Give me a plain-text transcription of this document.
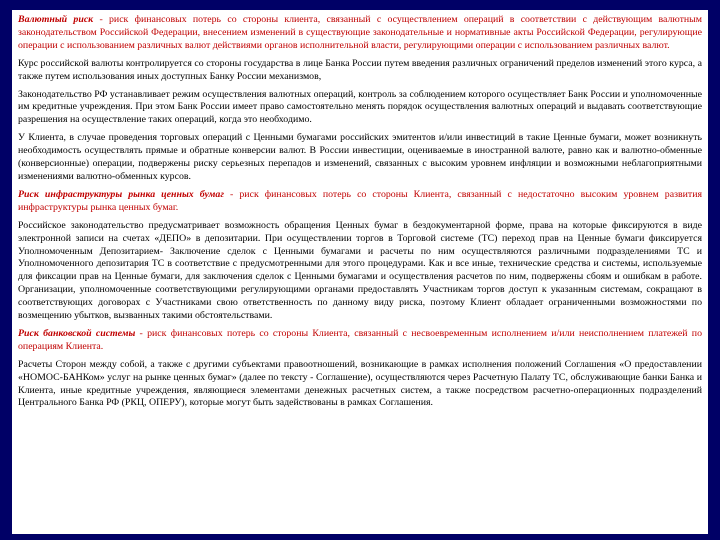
Валютный риск - риск финансовых потерь со стороны клиента, связанный с осуществлением операций в соответствии с действующим валютным законодательством Российской Федерации, внесением изменений в существующие законодательные и нормативные акты Российской Федерации, регулирующие операции с использованием различных валют действиями органов исполнительной власти, регулирующими операции с использованием различных валют.

Курс российской валюты контролируется со стороны государства в лице Банка России путем введения различных ограничений пределов изменений этого курса, а также путем использования иных доступных Банку России механизмов,

Законодательство РФ устанавливает режим осуществления валютных операций, контроль за соблюдением которого осуществляет Банк России и уполномоченные им кредитные учреждения. При этом Банк России имеет право самостоятельно менять порядок осуществления валютных операций и выдавать соответствующие разрешения на осуществление таких операций, когда это необходимо.

У Клиента, в случае проведения торговых операций с Ценными бумагами российских эмитентов и/или инвестиций в такие Ценные бумаги, может возникнуть необходимость осуществлять прямые и обратные конверсии валют. В России инвестиции, оцениваемые в иностранной валюте, равно как и валютно-обменные (конверсионные) операции, подвержены риску серьезных перепадов и изменений, связанных с высоким уровнем инфляции и возможными неблагоприятными изменениями валютно-обменных курсов.

Риск инфраструктуры рынка ценных бумаг - риск финансовых потерь со стороны Клиента, связанный с недостаточно высоким уровнем развития инфраструктуры рынка ценных бумаг.

Российское законодательство предусматривает возможность обращения Ценных бумаг в бездокументарной форме, права на которые фиксируются в виде электронной записи на счетах «ДЕПО» в депозитарии. При осуществлении торгов в Торговой системе (ТС) переход прав на Ценные бумаги фиксируется Уполномоченным Депозитарием- Заключение сделок с Ценными бумагами и расчеты по ним осуществляются различными подразделениями ТС и Уполномоченного депозитария ТС в соответствие с предусмотренными для этого процедурами. Как и все иные, технические средства и системы, используемые для фиксации прав на Ценные бумаги, для заключения сделок с Ценными бумагами и осуществления расчетов по ним, подвержены сбоям и ошибкам в работе. Организации, уполномоченные соответствующими регулирующими органами предоставлять Участникам торгов доступ к указанным системам, сокращают в соответствующих договорах с Участниками свою ответственность по данному виду риска, поэтому Клиент обладает ограниченными возможностями по возмещению убытков, вызванных такими обстоятельствами.

Риск банковской системы - риск финансовых потерь со стороны Клиента, связанный с несвоевременным исполнением и/или неисполнением платежей по операциям Клиента.

Расчеты Сторон между собой, а также с другими субъектами правоотношений, возникающие в рамках исполнения положений Соглашения «О предоставлении «НОМОС-БАНКом» услуг на рынке ценных бумаг» (далее по тексту - Соглашение), осуществляются через Расчетную Палату ТС, обслуживающие банки Банка и Клиента, иные кредитные учреждения, являющиеся элементами денежных расчетных систем, а также посредством расчетно-операционных подразделений Центрального Банка РФ (РКЦ, ОПЕРУ), которые могут быть задействованы в рамках Соглашения.
